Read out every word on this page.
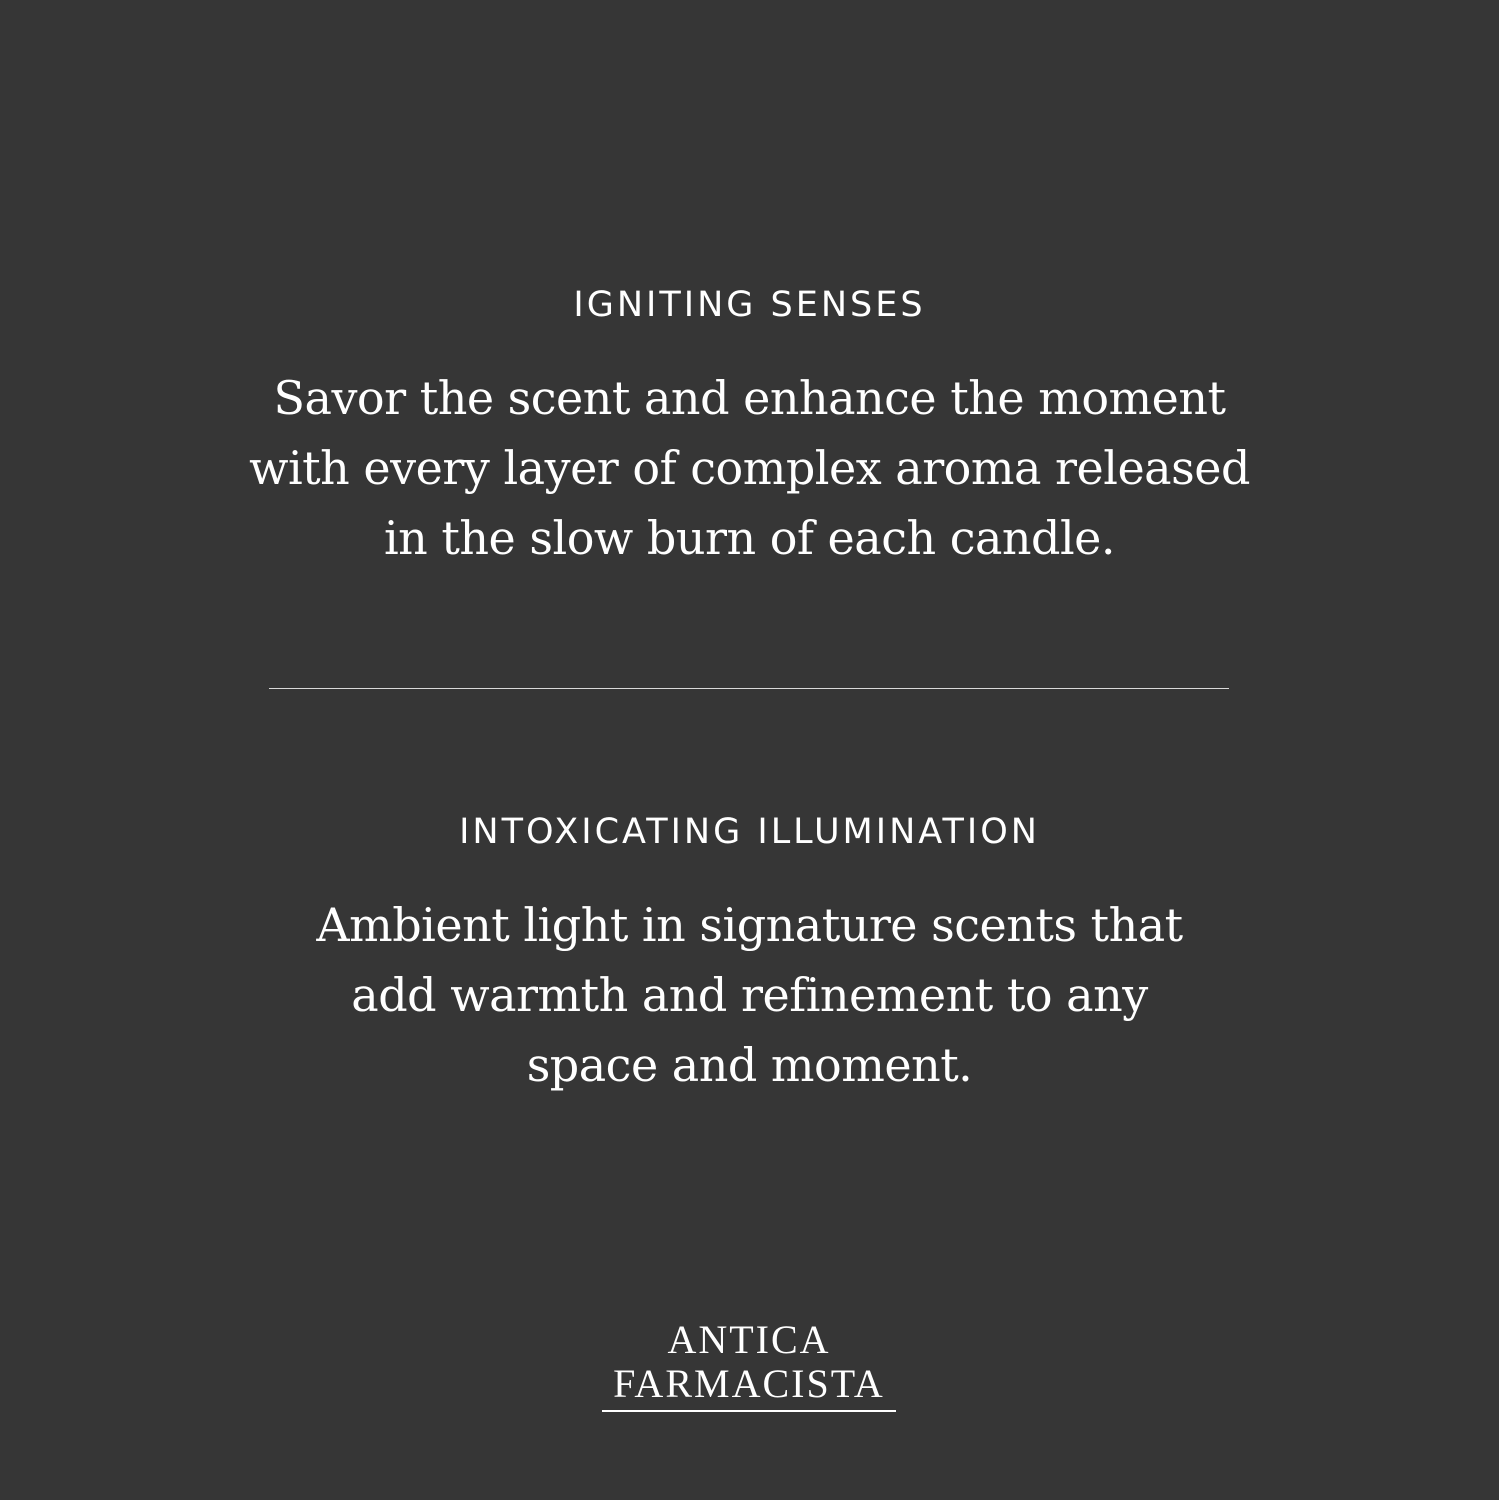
IGNITING SENSES

Savor the scent and enhance the moment
with every layer of complex aroma released
in the slow burn of each candle.

INTOXICATING ILLUMINATION

Ambient light in signature scents that
add warmth and refinement to any
space and moment.

ANTICA
FARMACISTA
